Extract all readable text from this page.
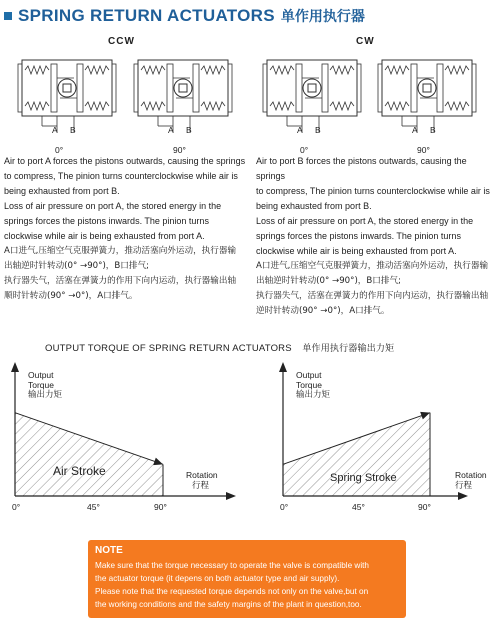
SPRING RETURN ACTUATORS 单作用执行器
CCW	CW
A B
0°
A B
90°
A B
0°
A B
90°
Air to port A forces the pistons outwards, causing the springs
to compress, The pinion turns counterclockwise while air is
being exhausted from port B.
Loss of air pressure on port A, the stored energy in the
springs forces the pistons inwards. The pinion turns
clockwise while air is being exhausted from port A.
A口进气,压缩空气克服弹簧力，推动活塞向外运动，执行器输
出轴逆时针转动(0° →90°)，B口排气;
执行器失气，活塞在弹簧力的作用下向内运动，执行器输出轴
顺时针转动(90° →0°)，A口排气。
Air to port B forces the pistons outwards, causing the springs
to compress, The pinion turns counterclockwise while air is
being exhausted from port B.
Loss of air pressure on port A, the stored energy in the
springs forces the pistons inwards. The pinion turns
clockwise while air is being exhausted from port A.
A口进气,压缩空气克服弹簧力，推动活塞向外运动，执行器输
出轴逆时针转动(0° →90°)，B口排气;
执行器失气，活塞在弹簧力的作用下向内运动，执行器输出轴
逆时针转动(90° →0°)，A口排气。
OUTPUT TORQUE OF SPRING RETURN ACTUATORS 单作用执行器输出力矩
Output
Torque
输出力矩
Air Stroke	Rotation
行程
0°	45°	90°
Output
Torque
输出力矩
Spring Stroke	Rotation
行程
0°	45°	90°
NOTE
Make sure that the torque necessary to operate the valve is compatible with
the actuator torque (it depens on both actuator type and air supply).
Please note that the requested torque depends not only on the valve,but on
the working conditions and the safety margins of the plant in question,too.
